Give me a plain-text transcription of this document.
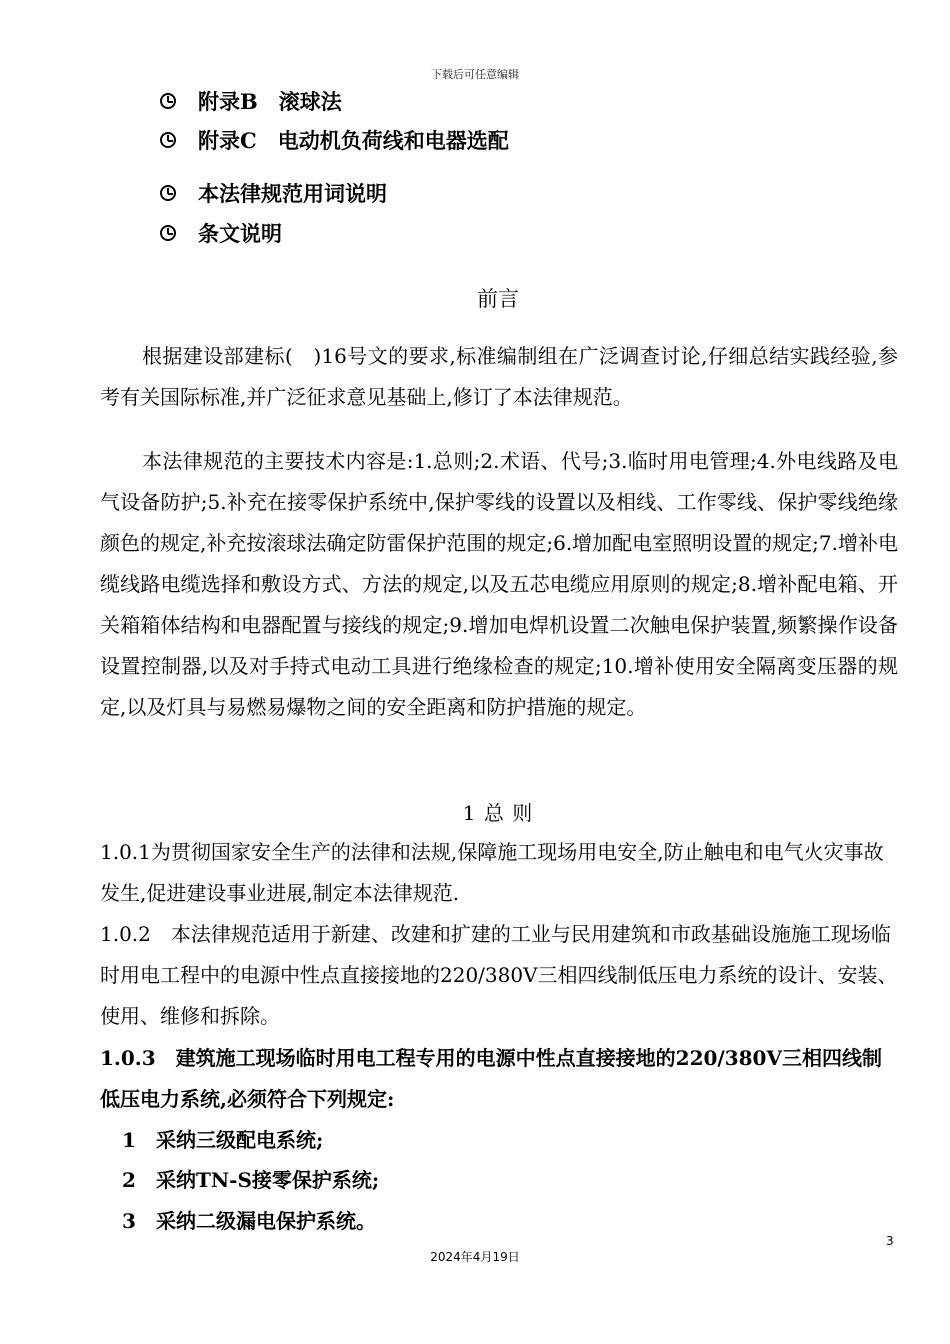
下载后可任意编辑
附录B　滚球法
附录C　电动机负荷线和电器选配
本法律规范用词说明
条文说明
前言
根据建设部建标(　)16号文的要求,标准编制组在广泛调查讨论,仔细总结实践经验,参考有关国际标准,并广泛征求意见基础上,修订了本法律规范。
本法律规范的主要技术内容是:1.总则;2.术语、代号;3.临时用电管理;4.外电线路及电气设备防护;5.补充在接零保护系统中,保护零线的设置以及相线、工作零线、保护零线绝缘颜色的规定,补充按滚球法确定防雷保护范围的规定;6.增加配电室照明设置的规定;7.增补电缆线路电缆选择和敷设方式、方法的规定,以及五芯电缆应用原则的规定;8.增补配电箱、开关箱箱体结构和电器配置与接线的规定;9.增加电焊机设置二次触电保护装置,频繁操作设备设置控制器,以及对手持式电动工具进行绝缘检查的规定;10.增补使用安全隔离变压器的规定,以及灯具与易燃易爆物之间的安全距离和防护措施的规定。
1 总 则
1.0.1为贯彻国家安全生产的法律和法规,保障施工现场用电安全,防止触电和电气火灾事故发生,促进建设事业进展,制定本法律规范.
1.0.2　本法律规范适用于新建、改建和扩建的工业与民用建筑和市政基础设施施工现场临时用电工程中的电源中性点直接接地的220/380V三相四线制低压电力系统的设计、安装、使用、维修和拆除。
1.0.3　建筑施工现场临时用电工程专用的电源中性点直接接地的220/380V三相四线制低压电力系统,必须符合下列规定:
1 采纳三级配电系统;
2 采纳TN-S接零保护系统;
3 采纳二级漏电保护系统。
3
2024年4月19日
